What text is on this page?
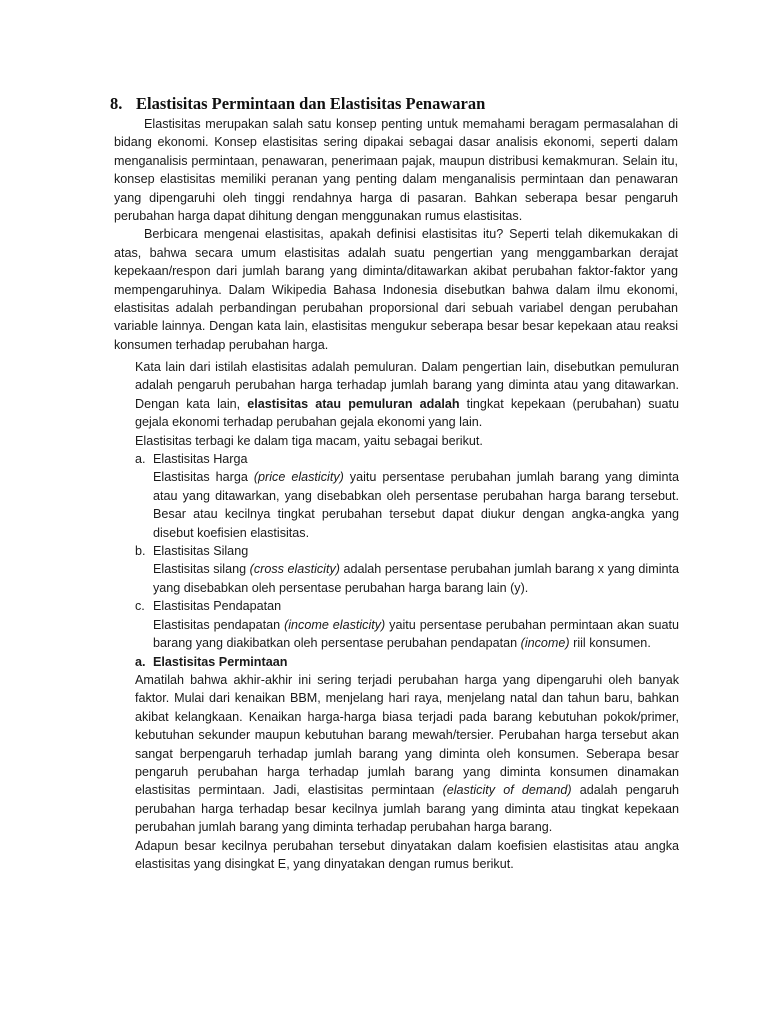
8. Elastisitas Permintaan dan Elastisitas Penawaran

Elastisitas merupakan salah satu konsep penting untuk memahami beragam permasalahan di bidang ekonomi. Konsep elastisitas sering dipakai sebagai dasar analisis ekonomi, seperti dalam menganalisis permintaan, penawaran, penerimaan pajak, maupun distribusi kemakmuran. Selain itu, konsep elastisitas memiliki peranan yang penting dalam menganalisis permintaan dan penawaran yang dipengaruhi oleh tinggi rendahnya harga di pasaran. Bahkan seberapa besar pengaruh perubahan harga dapat dihitung dengan menggunakan rumus elastisitas.

Berbicara mengenai elastisitas, apakah definisi elastisitas itu? Seperti telah dikemukakan di atas, bahwa secara umum elastisitas adalah suatu pengertian yang menggambarkan derajat kepekaan/respon dari jumlah barang yang diminta/ditawarkan akibat perubahan faktor-faktor yang mempengaruhinya. Dalam Wikipedia Bahasa Indonesia disebutkan bahwa dalam ilmu ekonomi, elastisitas adalah perbandingan perubahan proporsional dari sebuah variabel dengan perubahan variable lainnya. Dengan kata lain, elastisitas mengukur seberapa besar besar kepekaan atau reaksi konsumen terhadap perubahan harga.

Kata lain dari istilah elastisitas adalah pemuluran. Dalam pengertian lain, disebutkan pemuluran adalah pengaruh perubahan harga terhadap jumlah barang yang diminta atau yang ditawarkan. Dengan kata lain, elastisitas atau pemuluran adalah tingkat kepekaan (perubahan) suatu gejala ekonomi terhadap perubahan gejala ekonomi yang lain.

Elastisitas terbagi ke dalam tiga macam, yaitu sebagai berikut.

a. Elastisitas Harga

Elastisitas harga (price elasticity) yaitu persentase perubahan jumlah barang yang diminta atau yang ditawarkan, yang disebabkan oleh persentase perubahan harga barang tersebut. Besar atau kecilnya tingkat perubahan tersebut dapat diukur dengan angka-angka yang disebut koefisien elastisitas.

b. Elastisitas Silang

Elastisitas silang (cross elasticity) adalah persentase perubahan jumlah barang x yang diminta yang disebabkan oleh persentase perubahan harga barang lain (y).

c. Elastisitas Pendapatan

Elastisitas pendapatan (income elasticity) yaitu persentase perubahan permintaan akan suatu barang yang diakibatkan oleh persentase perubahan pendapatan (income) riil konsumen.

a. Elastisitas Permintaan

Amatilah bahwa akhir-akhir ini sering terjadi perubahan harga yang dipengaruhi oleh banyak faktor. Mulai dari kenaikan BBM, menjelang hari raya, menjelang natal dan tahun baru, bahkan akibat kelangkaan. Kenaikan harga-harga biasa terjadi pada barang kebutuhan pokok/primer, kebutuhan sekunder maupun kebutuhan barang mewah/tersier. Perubahan harga tersebut akan sangat berpengaruh terhadap jumlah barang yang diminta oleh konsumen. Seberapa besar pengaruh perubahan harga terhadap jumlah barang yang diminta konsumen dinamakan elastisitas permintaan. Jadi, elastisitas permintaan (elasticity of demand) adalah pengaruh perubahan harga terhadap besar kecilnya jumlah barang yang diminta atau tingkat kepekaan perubahan jumlah barang yang diminta terhadap perubahan harga barang.

Adapun besar kecilnya perubahan tersebut dinyatakan dalam koefisien elastisitas atau angka elastisitas yang disingkat E, yang dinyatakan dengan rumus berikut.
